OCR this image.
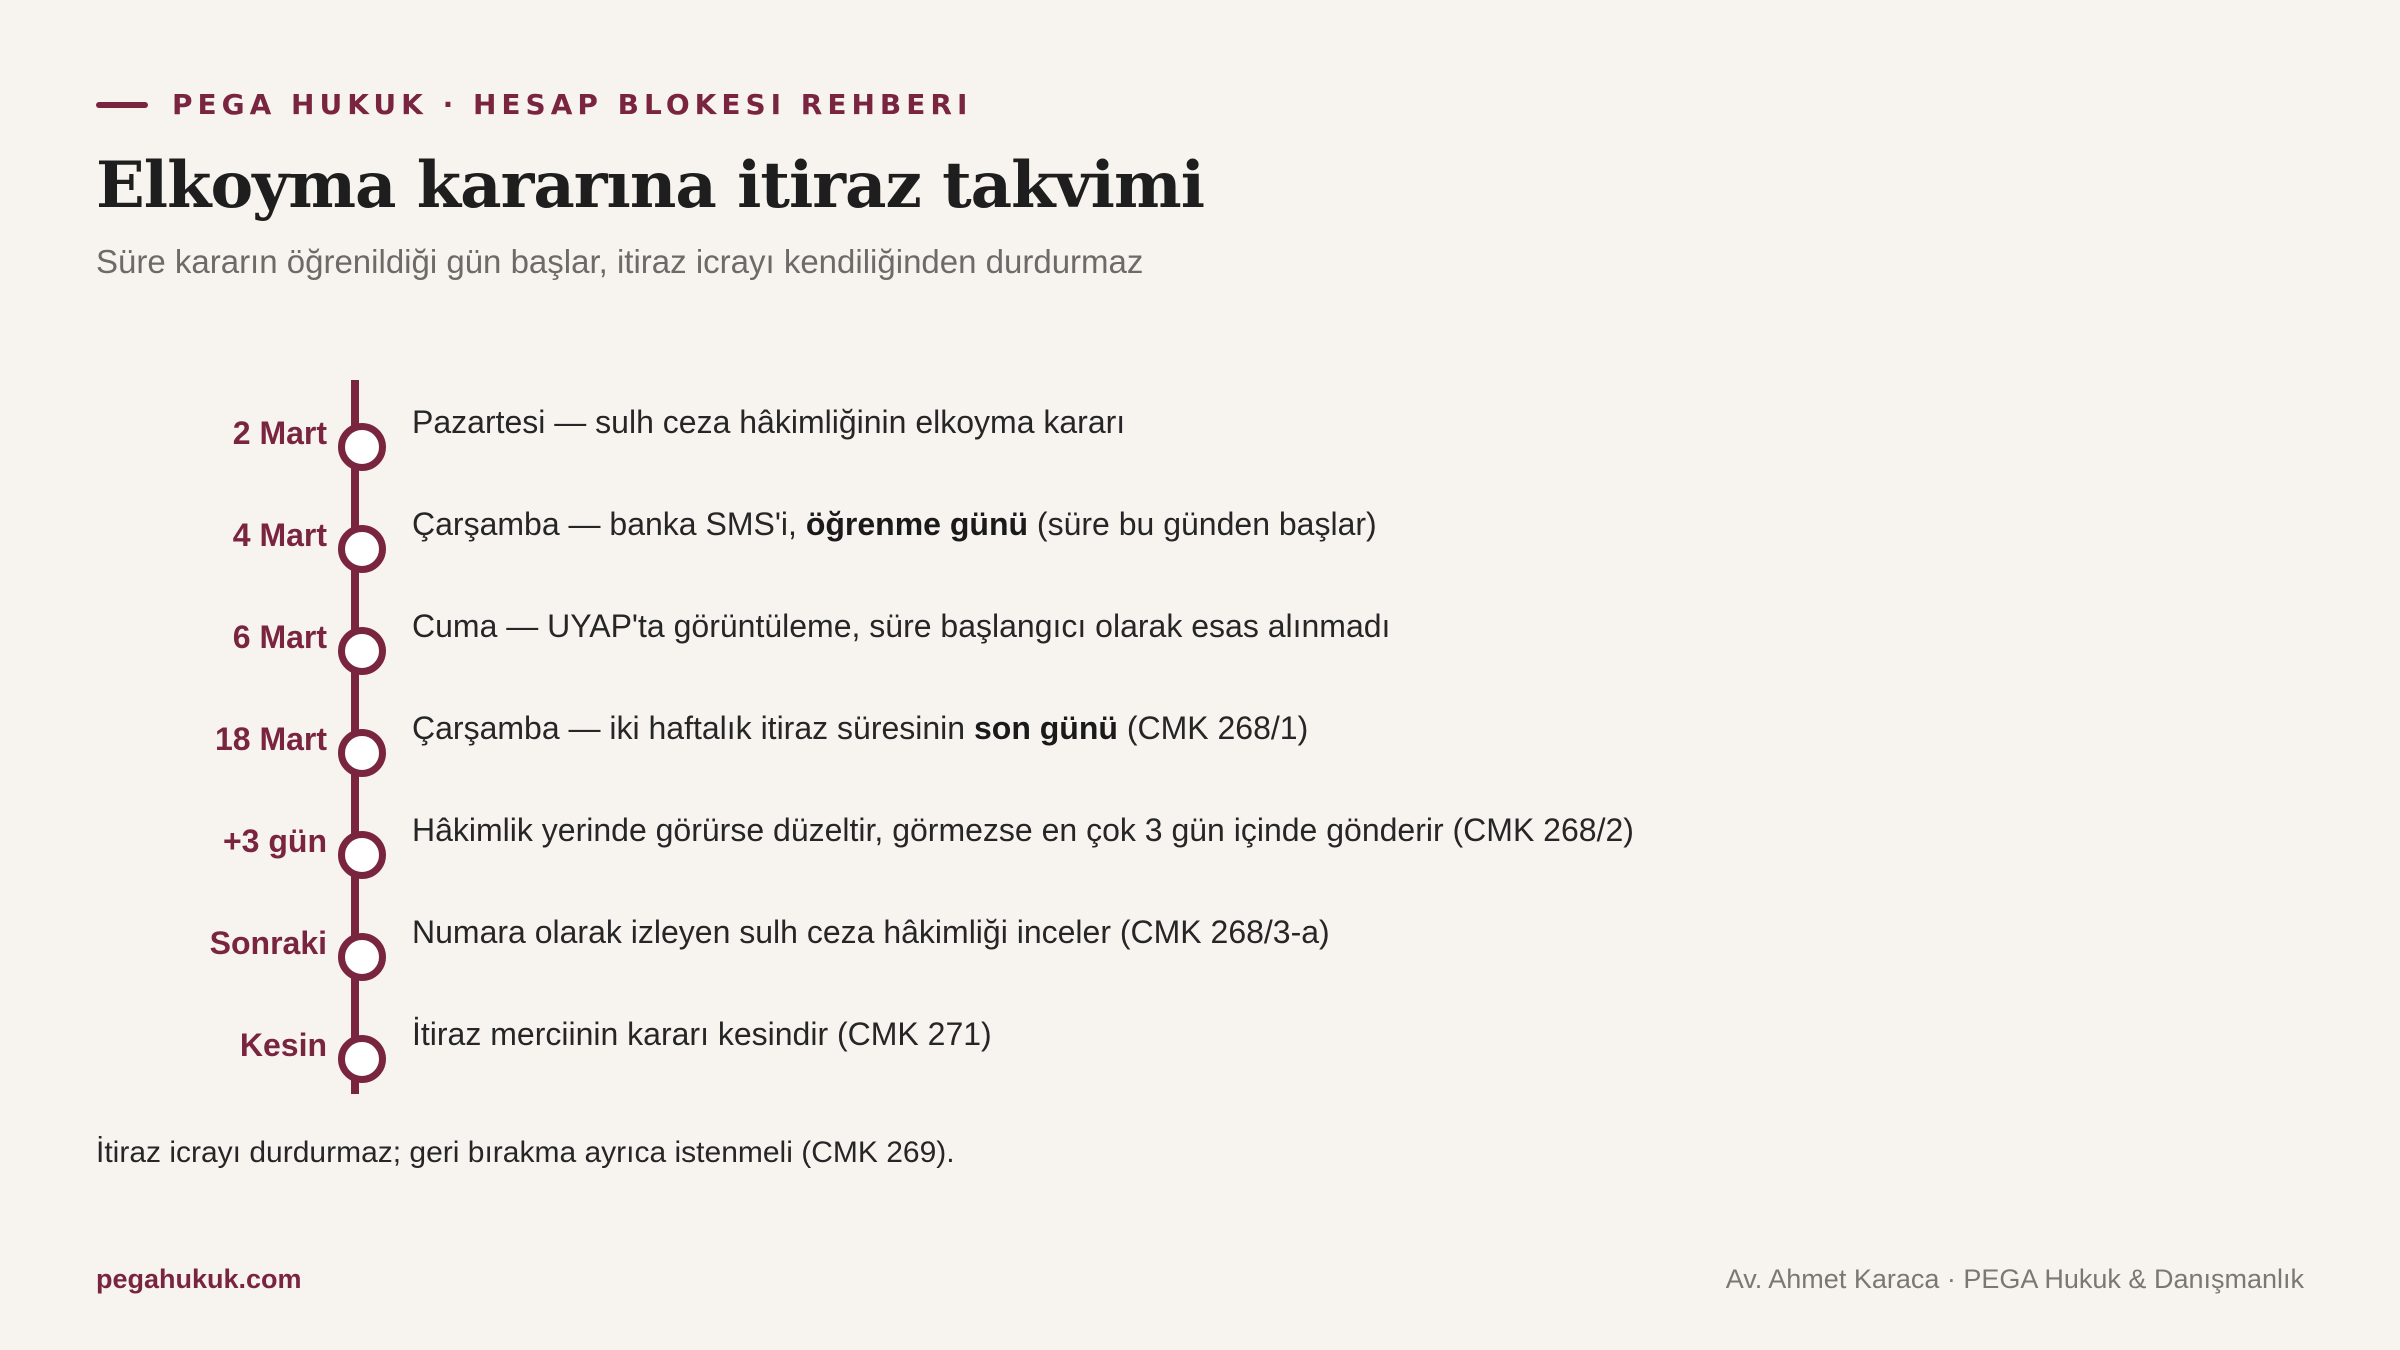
PEGA HUKUK · HESAP BLOKESI REHBERI
Elkoyma kararına itiraz takvimi
Süre kararın öğrenildiği gün başlar, itiraz icrayı kendiliğinden durdurmaz
2 Mart	Pazartesi — sulh ceza hâkimliğinin elkoyma kararı
4 Mart	Çarşamba — banka SMS'i, öğrenme günü (süre bu günden başlar)
6 Mart	Cuma — UYAP'ta görüntüleme, süre başlangıcı olarak esas alınmadı
18 Mart	Çarşamba — iki haftalık itiraz süresinin son günü (CMK 268/1)
+3 gün	Hâkimlik yerinde görürse düzeltir, görmezse en çok 3 gün içinde gönderir (CMK 268/2)
Sonraki	Numara olarak izleyen sulh ceza hâkimliği inceler (CMK 268/3-a)
Kesin	İtiraz merciinin kararı kesindir (CMK 271)
İtiraz icrayı durdurmaz; geri bırakma ayrıca istenmeli (CMK 269).
pegahukuk.com	Av. Ahmet Karaca · PEGA Hukuk & Danışmanlık
